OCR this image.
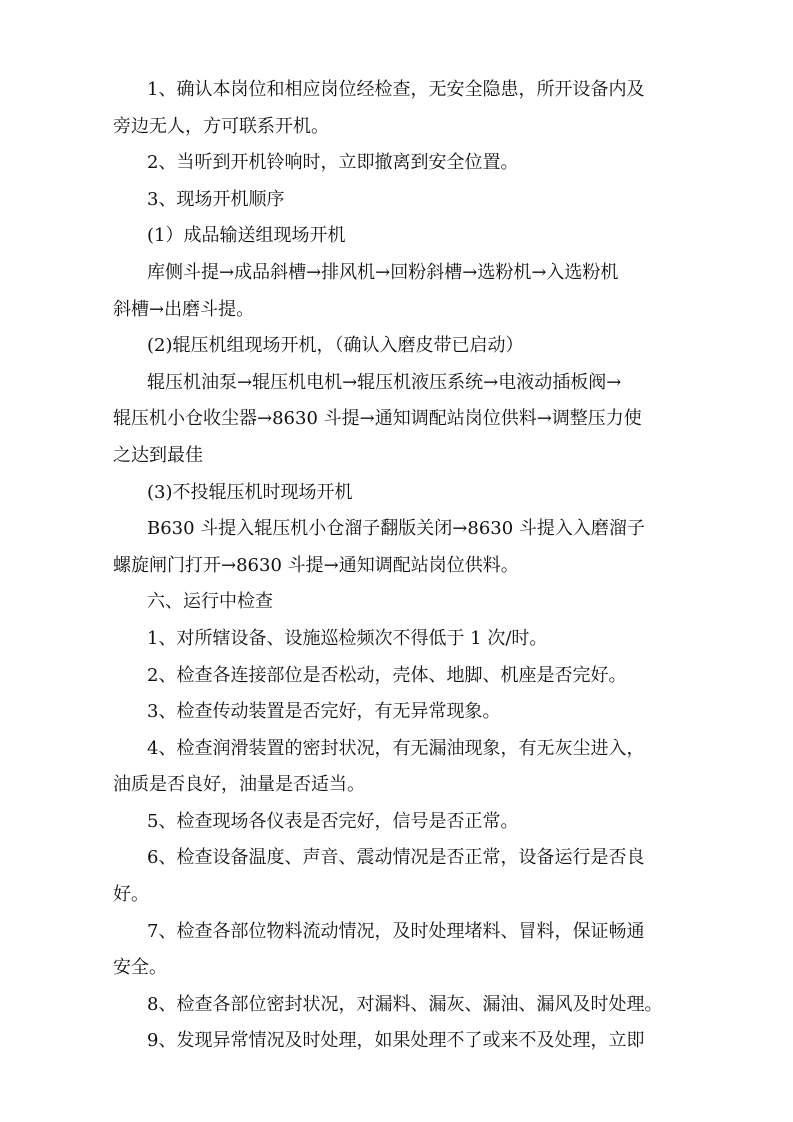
1、确认本岗位和相应岗位经检查，无安全隐患，所开设备内及
旁边无人，方可联系开机。
2、当听到开机铃响时，立即撤离到安全位置。
3、现场开机顺序
(1）成品输送组现场开机
库侧斗提→成品斜槽→排风机→回粉斜槽→选粉机→入选粉机
斜槽→出磨斗提。
(2)辊压机组现场开机，（确认入磨皮带已启动）
辊压机油泵→辊压机电机→辊压机液压系统→电液动插板阀→
辊压机小仓收尘器→8630 斗提→通知调配站岗位供料→调整压力使
之达到最佳
(3)不投辊压机时现场开机
B630 斗提入辊压机小仓溜子翻版关闭→8630 斗提入入磨溜子
螺旋闸门打开→8630 斗提→通知调配站岗位供料。
六、运行中检查
1、对所辖设备、设施巡检频次不得低于 1 次/时。
2、检查各连接部位是否松动，壳体、地脚、机座是否完好。
3、检查传动装置是否完好，有无异常现象。
4、检查润滑装置的密封状况，有无漏油现象，有无灰尘进入，
油质是否良好，油量是否适当。
5、检查现场各仪表是否完好，信号是否正常。
6、检查设备温度、声音、震动情况是否正常，设备运行是否良
好。
7、检查各部位物料流动情况，及时处理堵料、冒料，保证畅通
安全。
8、检查各部位密封状况，对漏料、漏灰、漏油、漏风及时处理。
9、发现异常情况及时处理，如果处理不了或来不及处理，立即
